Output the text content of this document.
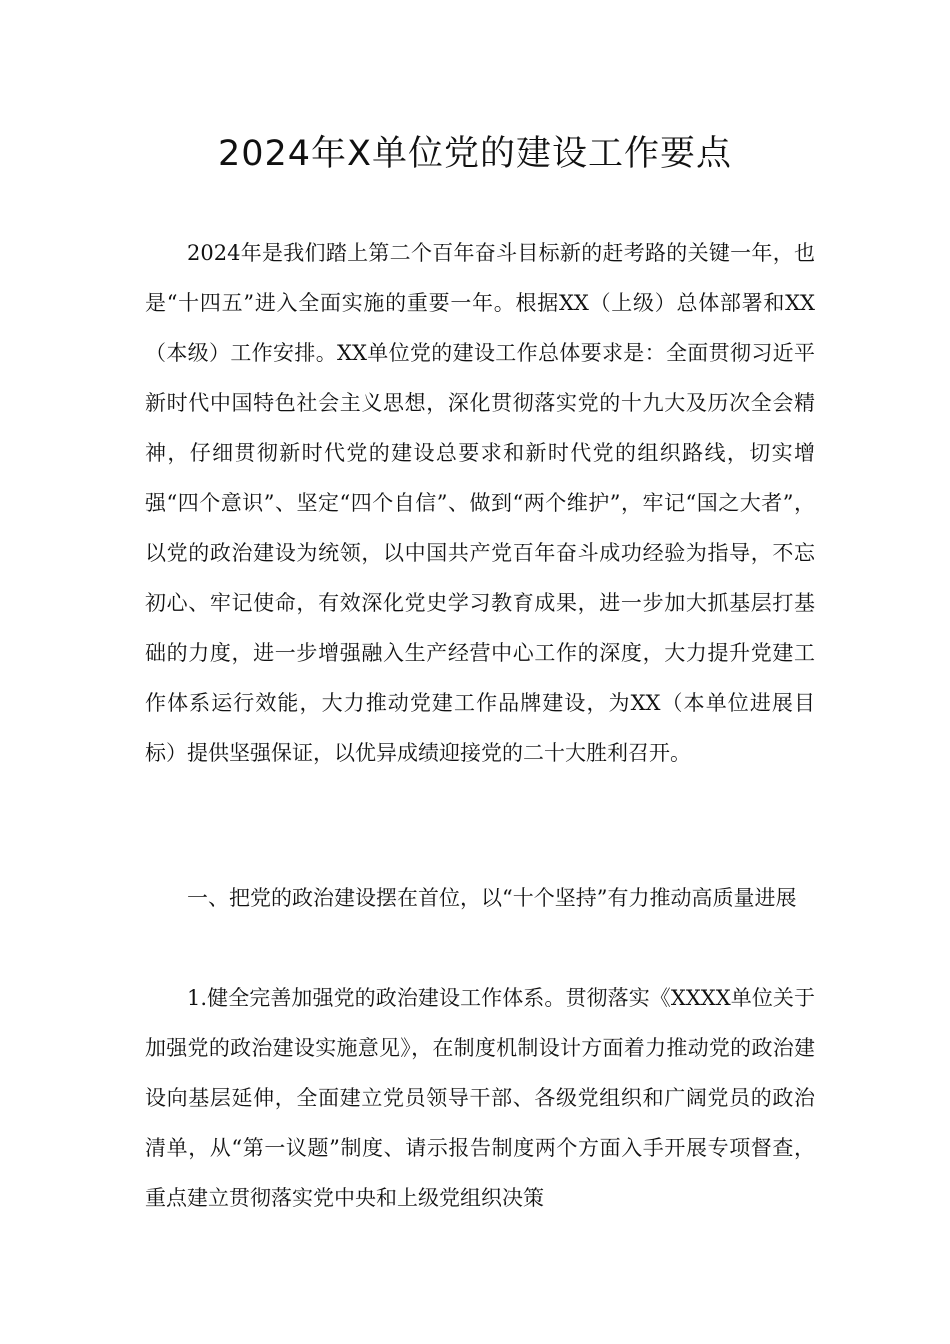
2024年X单位党的建设工作要点

2024年是我们踏上第二个百年奋斗目标新的赶考路的关键一年，也是“十四五”进入全面实施的重要一年。根据XX（上级）总体部署和XX（本级）工作安排。XX单位党的建设工作总体要求是：全面贯彻习近平新时代中国特色社会主义思想，深化贯彻落实党的十九大及历次全会精神，仔细贯彻新时代党的建设总要求和新时代党的组织路线，切实增强“四个意识”、坚定“四个自信”、做到“两个维护”，牢记“国之大者”，以党的政治建设为统领，以中国共产党百年奋斗成功经验为指导，不忘初心、牢记使命，有效深化党史学习教育成果，进一步加大抓基层打基础的力度，进一步增强融入生产经营中心工作的深度，大力提升党建工作体系运行效能，大力推动党建工作品牌建设，为XX（本单位进展目标）提供坚强保证，以优异成绩迎接党的二十大胜利召开。

一、把党的政治建设摆在首位，以“十个坚持”有力推动高质量进展

1.健全完善加强党的政治建设工作体系。贯彻落实《XXXX单位关于加强党的政治建设实施意见》，在制度机制设计方面着力推动党的政治建设向基层延伸，全面建立党员领导干部、各级党组织和广阔党员的政治清单，从“第一议题”制度、请示报告制度两个方面入手开展专项督查，重点建立贯彻落实党中央和上级党组织决策
